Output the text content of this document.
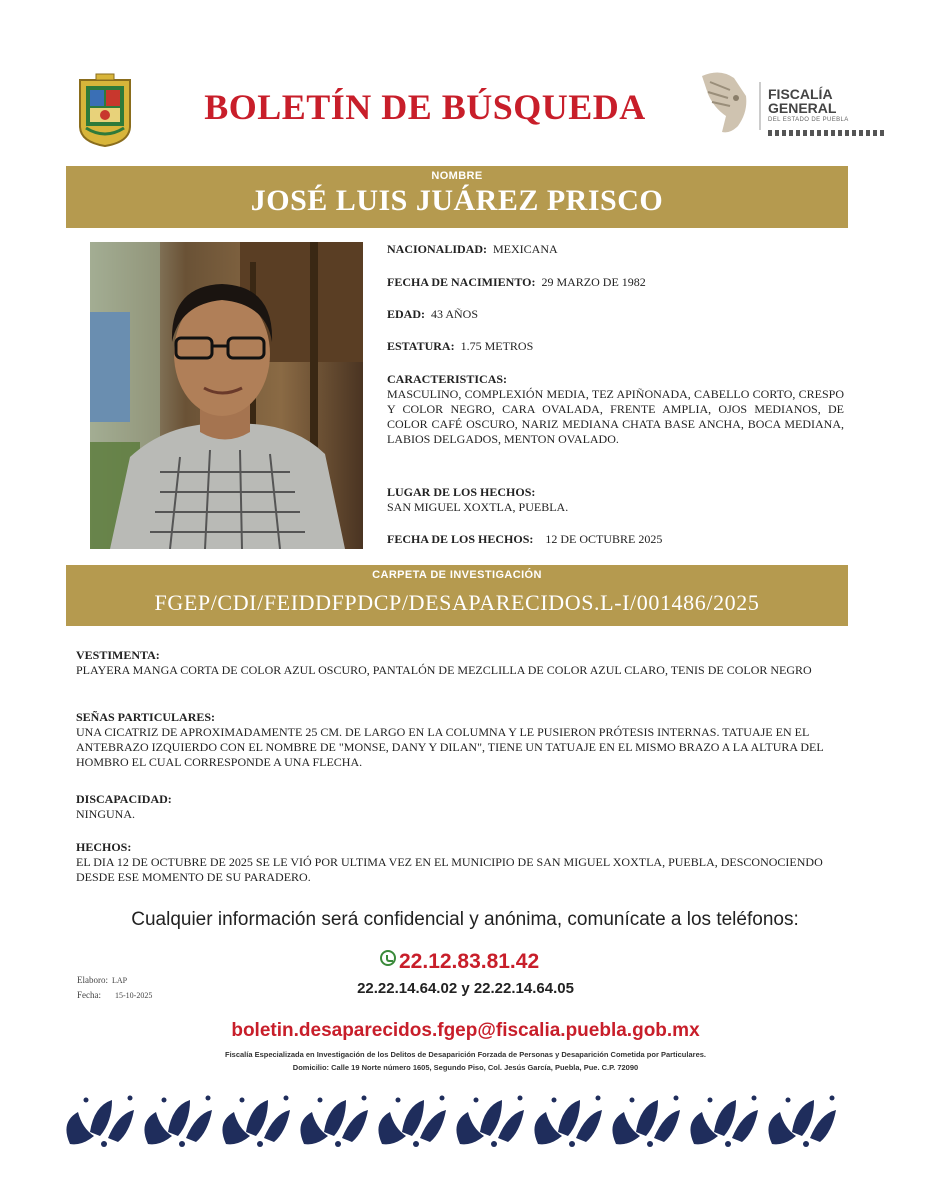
BOLETÍN DE BÚSQUEDA	FISCALÍA
GENERAL
DEL ESTADO DE PUEBLA
NOMBRE
JOSÉ LUIS JUÁREZ PRISCO
NACIONALIDAD: MEXICANA
FECHA DE NACIMIENTO: 29 MARZO DE 1982
EDAD: 43 AÑOS
ESTATURA: 1.75 METROS
CARACTERISTICAS:
MASCULINO, COMPLEXIÓN MEDIA, TEZ APIÑONADA, CABELLO CORTO, CRESPO Y COLOR NEGRO, CARA OVALADA, FRENTE AMPLIA, OJOS MEDIANOS, DE COLOR CAFÉ OSCURO, NARIZ MEDIANA CHATA BASE ANCHA, BOCA MEDIANA, LABIOS DELGADOS, MENTON OVALADO.
LUGAR DE LOS HECHOS:
SAN MIGUEL XOXTLA, PUEBLA.
FECHA DE LOS HECHOS: 12 DE OCTUBRE 2025
CARPETA DE INVESTIGACIÓN
FGEP/CDI/FEIDDFPDCP/DESAPARECIDOS.L-I/001486/2025
VESTIMENTA:
PLAYERA MANGA CORTA DE COLOR AZUL OSCURO, PANTALÓN DE MEZCLILLA DE COLOR AZUL CLARO, TENIS DE COLOR NEGRO
SEÑAS PARTICULARES:
UNA CICATRIZ DE APROXIMADAMENTE 25 CM. DE LARGO EN LA COLUMNA Y LE PUSIERON PRÓTESIS INTERNAS. TATUAJE EN EL ANTEBRAZO IZQUIERDO CON EL NOMBRE DE "MONSE, DANY Y DILAN", TIENE UN TATUAJE EN EL MISMO BRAZO A LA ALTURA DEL HOMBRO EL CUAL CORRESPONDE A UNA FLECHA.
DISCAPACIDAD:
NINGUNA.
HECHOS:
EL DIA 12 DE OCTUBRE DE 2025 SE LE VIÓ POR ULTIMA VEZ EN EL MUNICIPIO DE SAN MIGUEL XOXTLA, PUEBLA, DESCONOCIENDO DESDE ESE MOMENTO DE SU PARADERO.
Cualquier información será confidencial y anónima, comunícate a los teléfonos:
22.12.83.81.42
22.22.14.64.02 y 22.22.14.64.05
Elaboro: LAP
Fecha: 15-10-2025
boletin.desaparecidos.fgep@fiscalia.puebla.gob.mx
Fiscalía Especializada en Investigación de los Delitos de Desaparición Forzada de Personas y Desaparición Cometida por Particulares.
Domicilio: Calle 19 Norte número 1605, Segundo Piso, Col. Jesús García, Puebla, Pue. C.P. 72090
